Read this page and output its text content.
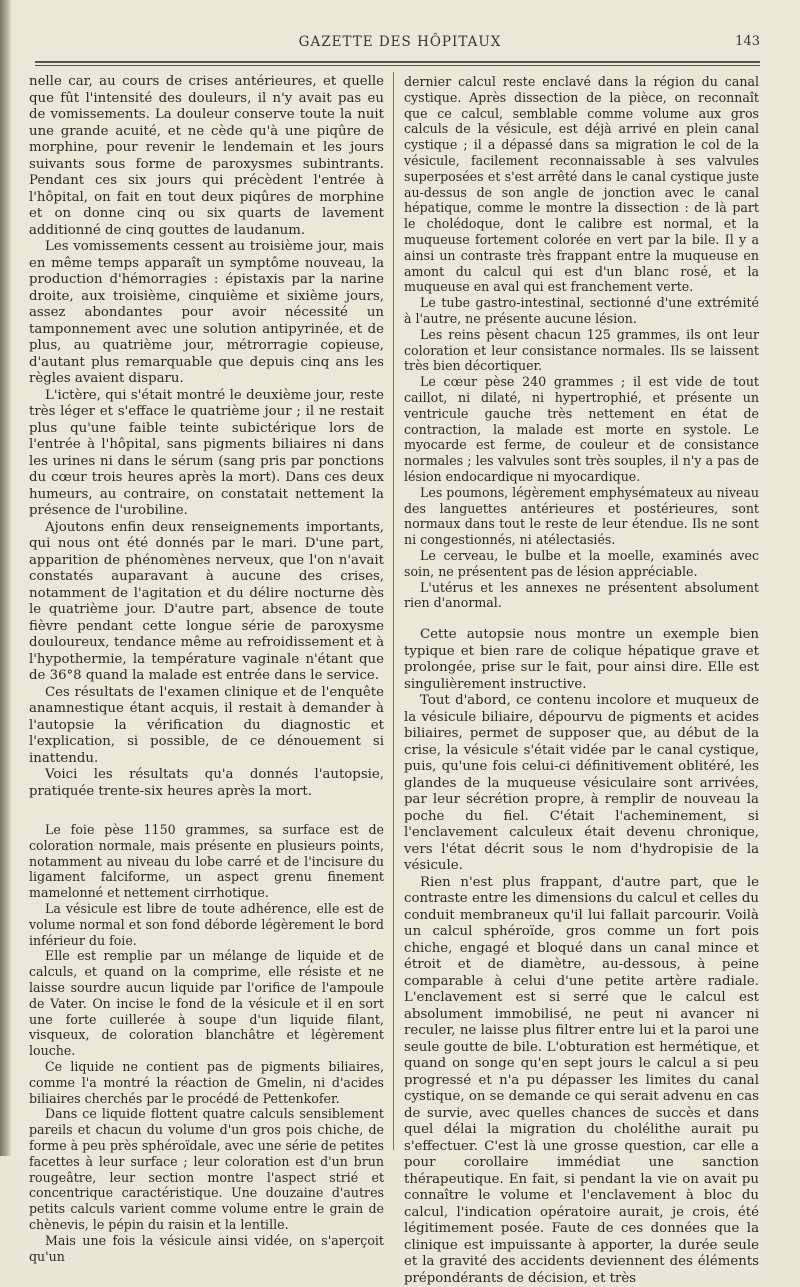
GAZETTE DES HÔPITAUX	143

nelle car, au cours de crises antérieures, et quelle que fût l'intensité des douleurs, il n'y avait pas eu de vomissements. La douleur conserve toute la nuit une grande acuité, et ne cède qu'à une piqûre de morphine, pour revenir le lendemain et les jours suivants sous forme de paroxysmes subintrants. Pendant ces six jours qui précèdent l'entrée à l'hôpital, on fait en tout deux piqûres de morphine et on donne cinq ou six quarts de lavement additionné de cinq gouttes de laudanum.

Les vomissements cessent au troisième jour, mais en même temps apparaît un symptôme nouveau, la production d'hémorragies : épistaxis par la narine droite, aux troisième, cinquième et sixième jours, assez abondantes pour avoir nécessité un tamponnement avec une solution antipyrinée, et de plus, au quatrième jour, métrorragie copieuse, d'autant plus remarquable que depuis cinq ans les règles avaient disparu.

L'ictère, qui s'était montré le deuxième jour, reste très léger et s'efface le quatrième jour ; il ne restait plus qu'une faible teinte subictérique lors de l'entrée à l'hôpital, sans pigments biliaires ni dans les urines ni dans le sérum (sang pris par ponctions du cœur trois heures après la mort). Dans ces deux humeurs, au contraire, on constatait nettement la présence de l'urobiline.

Ajoutons enfin deux renseignements importants, qui nous ont été donnés par le mari. D'une part, apparition de phénomènes nerveux, que l'on n'avait constatés auparavant à aucune des crises, notamment de l'agitation et du délire nocturne dès le quatrième jour. D'autre part, absence de toute fièvre pendant cette longue série de paroxysme douloureux, tendance même au refroidissement et à l'hypothermie, la température vaginale n'étant que de 36°8 quand la malade est entrée dans le service.

Ces résultats de l'examen clinique et de l'enquête anamnestique étant acquis, il restait à demander à l'autopsie la vérification du diagnostic et l'explication, si possible, de ce dénouement si inattendu.

Voici les résultats qu'a donnés l'autopsie, pratiquée trente-six heures après la mort.

Le foie pèse 1150 grammes, sa surface est de coloration normale, mais présente en plusieurs points, notamment au niveau du lobe carré et de l'incisure du ligament falciforme, un aspect grenu finement mamelonné et nettement cirrhotique.

La vésicule est libre de toute adhérence, elle est de volume normal et son fond déborde légèrement le bord inférieur du foie.

Elle est remplie par un mélange de liquide et de calculs, et quand on la comprime, elle résiste et ne laisse sourdre aucun liquide par l'orifice de l'ampoule de Vater. On incise le fond de la vésicule et il en sort une forte cuillerée à soupe d'un liquide filant, visqueux, de coloration blanchâtre et légèrement louche.

Ce liquide ne contient pas de pigments biliaires, comme l'a montré la réaction de Gmelin, ni d'acides biliaires cherchés par le procédé de Pettenkofer.

Dans ce liquide flottent quatre calculs sensiblement pareils et chacun du volume d'un gros pois chiche, de forme à peu près sphéroïdale, avec une série de petites facettes à leur surface ; leur coloration est d'un brun rougeâtre, leur section montre l'aspect strié et concentrique caractéristique. Une douzaine d'autres petits calculs varient comme volume entre le grain de chènevis, le pépin du raisin et la lentille.

Mais une fois la vésicule ainsi vidée, on s'aperçoit qu'un

dernier calcul reste enclavé dans la région du canal cystique. Après dissection de la pièce, on reconnaît que ce calcul, semblable comme volume aux gros calculs de la vésicule, est déjà arrivé en plein canal cystique ; il a dépassé dans sa migration le col de la vésicule, facilement reconnaissable à ses valvules superposées et s'est arrêté dans le canal cystique juste au-dessus de son angle de jonction avec le canal hépatique, comme le montre la dissection : de là part le cholédoque, dont le calibre est normal, et la muqueuse fortement colorée en vert par la bile. Il y a ainsi un contraste très frappant entre la muqueuse en amont du calcul qui est d'un blanc rosé, et la muqueuse en aval qui est franchement verte.

Le tube gastro-intestinal, sectionné d'une extrémité à l'autre, ne présente aucune lésion.

Les reins pèsent chacun 125 grammes, ils ont leur coloration et leur consistance normales. Ils se laissent très bien décortiquer.

Le cœur pèse 240 grammes ; il est vide de tout caillot, ni dilaté, ni hypertrophié, et présente un ventricule gauche très nettement en état de contraction, la malade est morte en systole. Le myocarde est ferme, de couleur et de consistance normales ; les valvules sont très souples, il n'y a pas de lésion endocardique ni myocardique.

Les poumons, légèrement emphysémateux au niveau des languettes antérieures et postérieures, sont normaux dans tout le reste de leur étendue. Ils ne sont ni congestionnés, ni atélectasiés.

Le cerveau, le bulbe et la moelle, examinés avec soin, ne présentent pas de lésion appréciable.

L'utérus et les annexes ne présentent absolument rien d'anormal.

Cette autopsie nous montre un exemple bien typique et bien rare de colique hépatique grave et prolongée, prise sur le fait, pour ainsi dire. Elle est singulièrement instructive.

Tout d'abord, ce contenu incolore et muqueux de la vésicule biliaire, dépourvu de pigments et acides biliaires, permet de supposer que, au début de la crise, la vésicule s'était vidée par le canal cystique, puis, qu'une fois celui-ci définitivement oblitéré, les glandes de la muqueuse vésiculaire sont arrivées, par leur sécrétion propre, à remplir de nouveau la poche du fiel. C'était l'acheminement, si l'enclavement calculeux était devenu chronique, vers l'état décrit sous le nom d'hydropisie de la vésicule.

Rien n'est plus frappant, d'autre part, que le contraste entre les dimensions du calcul et celles du conduit membraneux qu'il lui fallait parcourir. Voilà un calcul sphéroïde, gros comme un fort pois chiche, engagé et bloqué dans un canal mince et étroit et de diamètre, au-dessous, à peine comparable à celui d'une petite artère radiale. L'enclavement est si serré que le calcul est absolument immobilisé, ne peut ni avancer ni reculer, ne laisse plus filtrer entre lui et la paroi une seule goutte de bile. L'obturation est hermétique, et quand on songe qu'en sept jours le calcul a si peu progressé et n'a pu dépasser les limites du canal cystique, on se demande ce qui serait advenu en cas de survie, avec quelles chances de succès et dans quel délai la migration du cholélithe aurait pu s'effectuer. C'est là une grosse question, car elle a pour corollaire immédiat une sanction thérapeutique. En fait, si pendant la vie on avait pu connaître le volume et l'enclavement à bloc du calcul, l'indication opératoire aurait, je crois, été légitimement posée. Faute de ces données que la clinique est impuissante à apporter, la durée seule et la gravité des accidents deviennent des éléments prépondérants de décision, et très
